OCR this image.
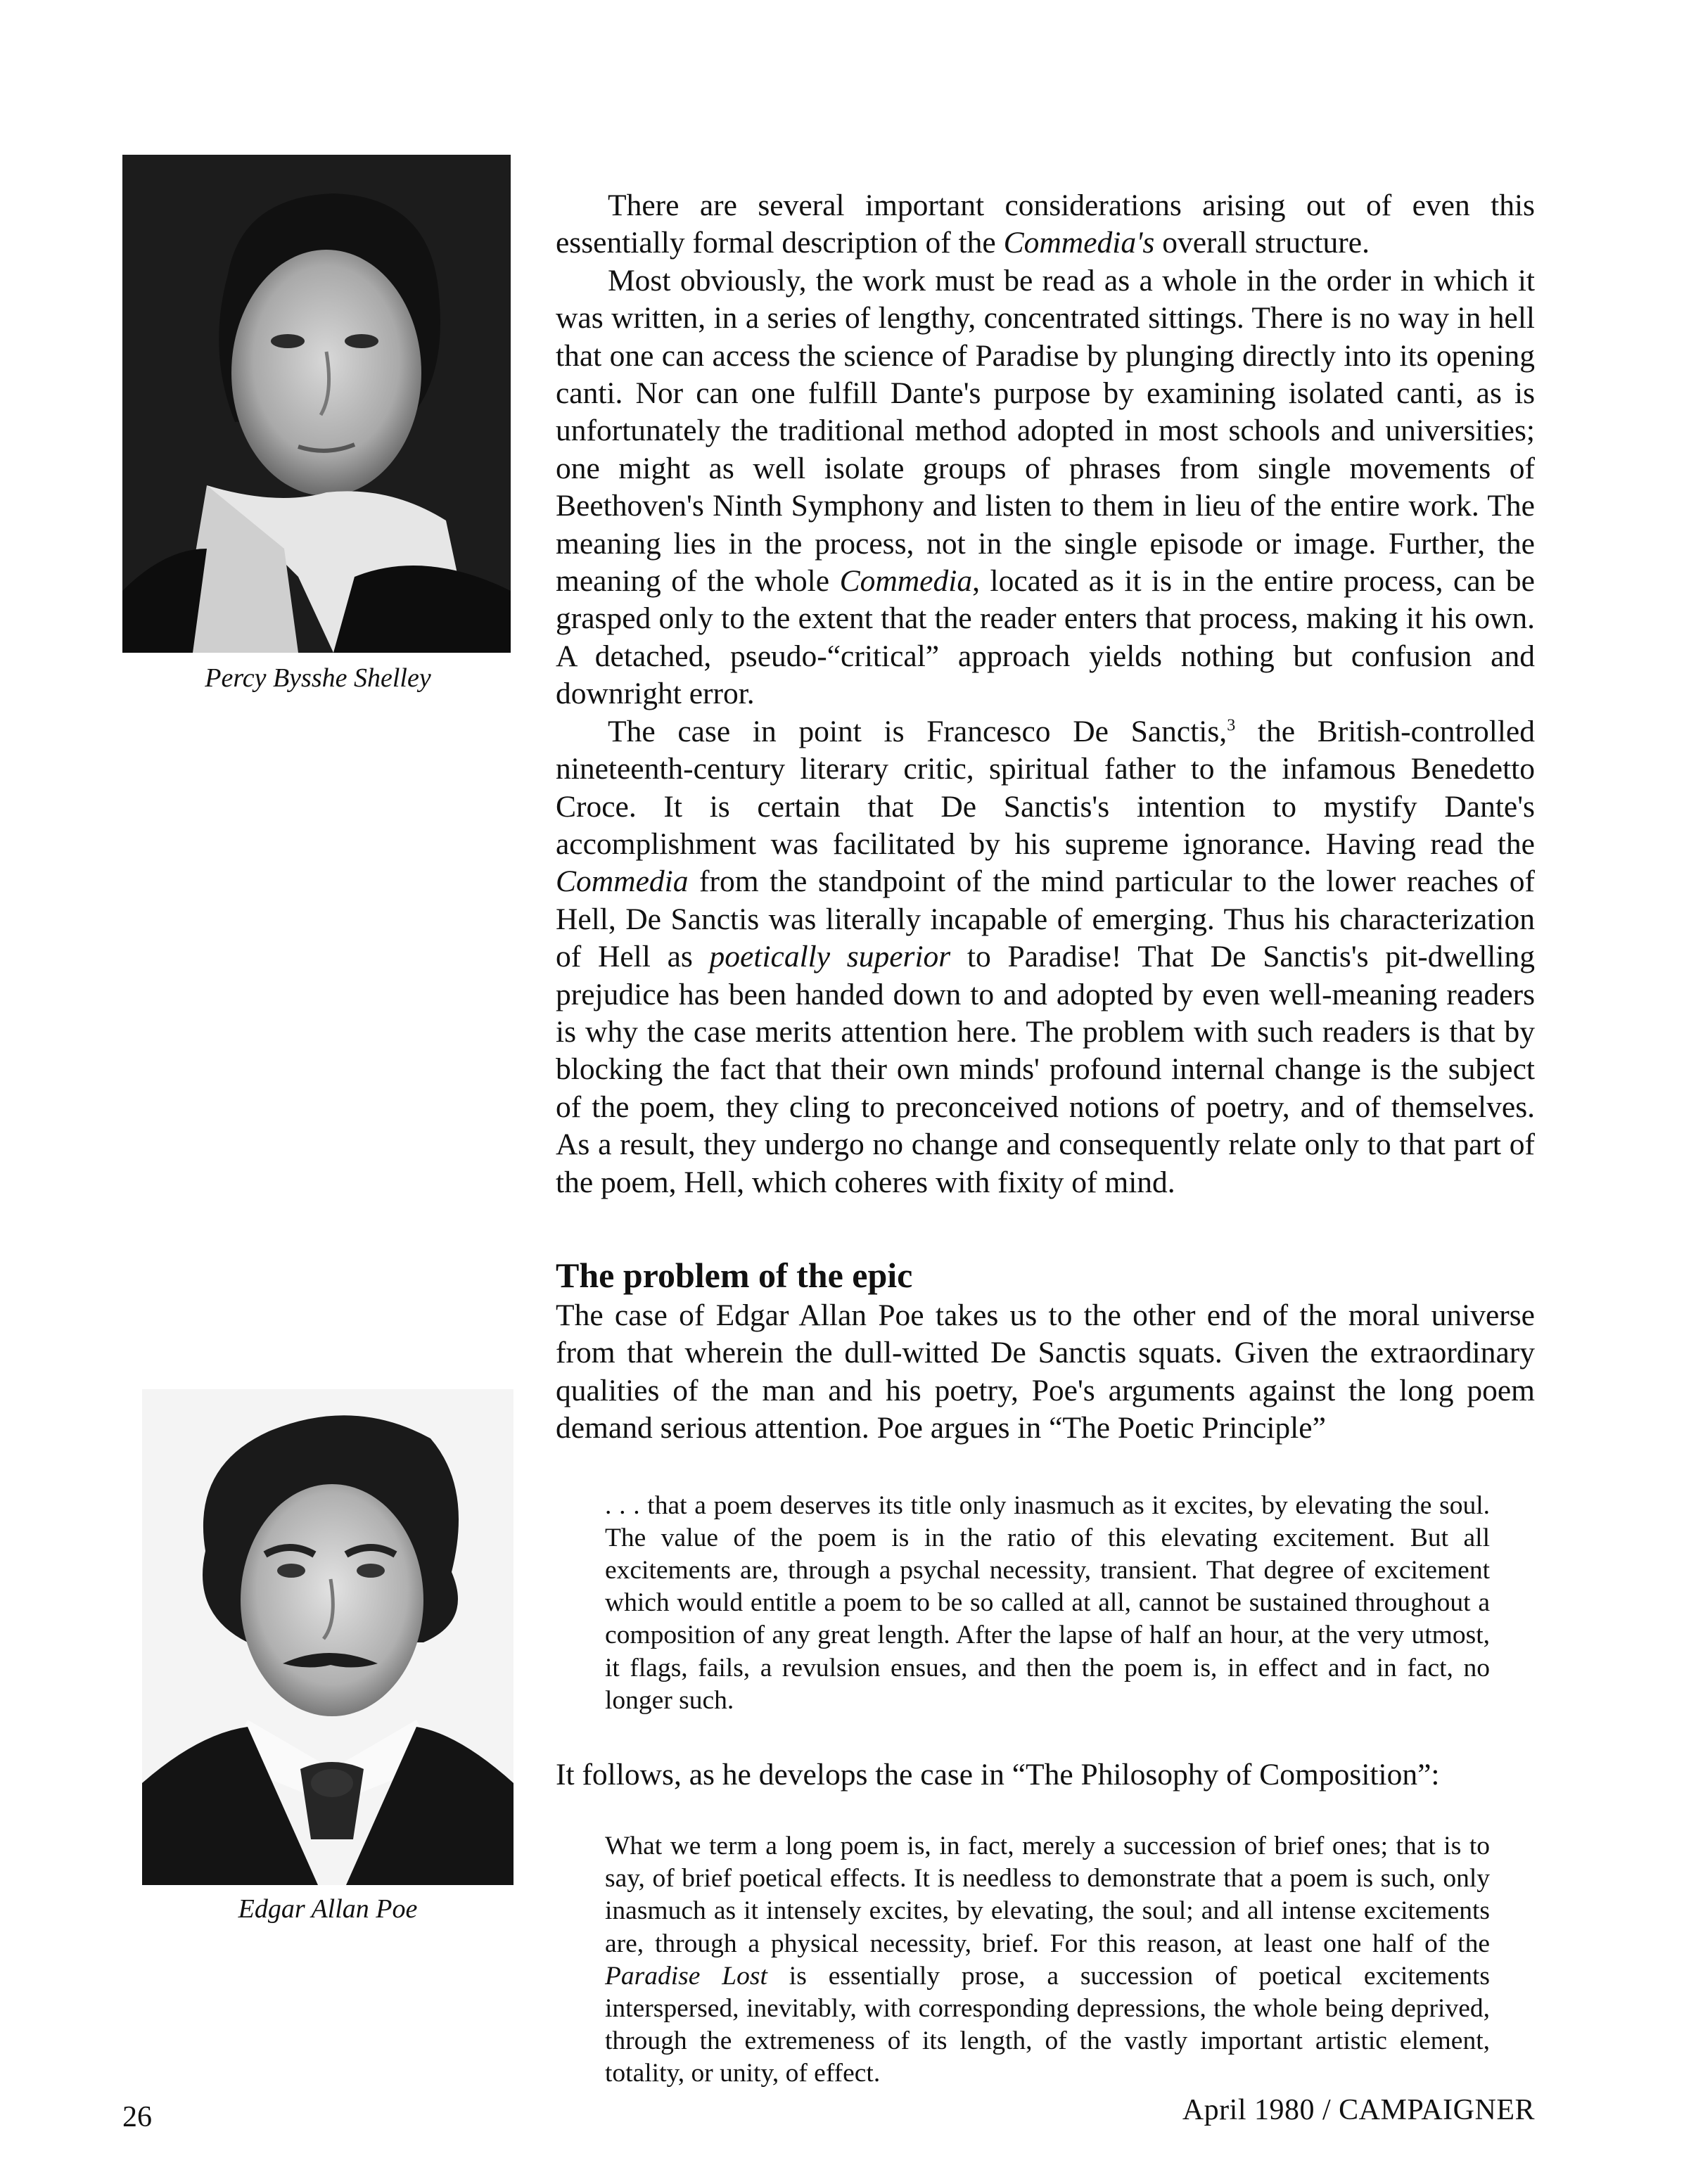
Percy Bysshe Shelley
Edgar Allan Poe

There are several important considerations arising out of even this essentially formal description of the Commedia's overall structure.

Most obviously, the work must be read as a whole in the order in which it was written, in a series of lengthy, concentrated sittings. There is no way in hell that one can access the science of Paradise by plunging directly into its opening canti. Nor can one fulfill Dante's purpose by examining isolated canti, as is unfortunately the traditional method adopted in most schools and universities; one might as well isolate groups of phrases from single movements of Beethoven's Ninth Symphony and listen to them in lieu of the entire work. The meaning lies in the process, not in the single episode or image. Further, the meaning of the whole Commedia, located as it is in the entire process, can be grasped only to the extent that the reader enters that process, making it his own. A detached, pseudo-“critical” approach yields nothing but confusion and downright error.

The case in point is Francesco De Sanctis,$^3$ the British-controlled nineteenth-century literary critic, spiritual father to the infamous Benedetto Croce. It is certain that De Sanctis's intention to mystify Dante's accomplishment was facilitated by his supreme ignorance. Having read the Commedia from the standpoint of the mind particular to the lower reaches of Hell, De Sanctis was literally incapable of emerging. Thus his characterization of Hell as poetically superior to Paradise! That De Sanctis's pit-dwelling prejudice has been handed down to and adopted by even well-meaning readers is why the case merits attention here. The problem with such readers is that by blocking the fact that their own minds' profound internal change is the subject of the poem, they cling to preconceived notions of poetry, and of themselves. As a result, they undergo no change and consequently relate only to that part of the poem, Hell, which coheres with fixity of mind.

The problem of the epic

The case of Edgar Allan Poe takes us to the other end of the moral universe from that wherein the dull-witted De Sanctis squats. Given the extraordinary qualities of the man and his poetry, Poe's arguments against the long poem demand serious attention. Poe argues in “The Poetic Principle”

. . . that a poem deserves its title only inasmuch as it excites, by elevating the soul. The value of the poem is in the ratio of this elevating excitement. But all excitements are, through a psychal necessity, transient. That degree of excitement which would entitle a poem to be so called at all, cannot be sustained throughout a composition of any great length. After the lapse of half an hour, at the very utmost, it flags, fails, a revulsion ensues, and then the poem is, in effect and in fact, no longer such.

It follows, as he develops the case in “The Philosophy of Composition”:

What we term a long poem is, in fact, merely a succession of brief ones; that is to say, of brief poetical effects. It is needless to demonstrate that a poem is such, only inasmuch as it intensely excites, by elevating, the soul; and all intense excitements are, through a physical necessity, brief. For this reason, at least one half of the Paradise Lost is essentially prose, a succession of poetical excitements interspersed, inevitably, with corresponding depressions, the whole being deprived, through the extremeness of its length, of the vastly important artistic element, totality, or unity, of effect.

26	April 1980 / CAMPAIGNER
